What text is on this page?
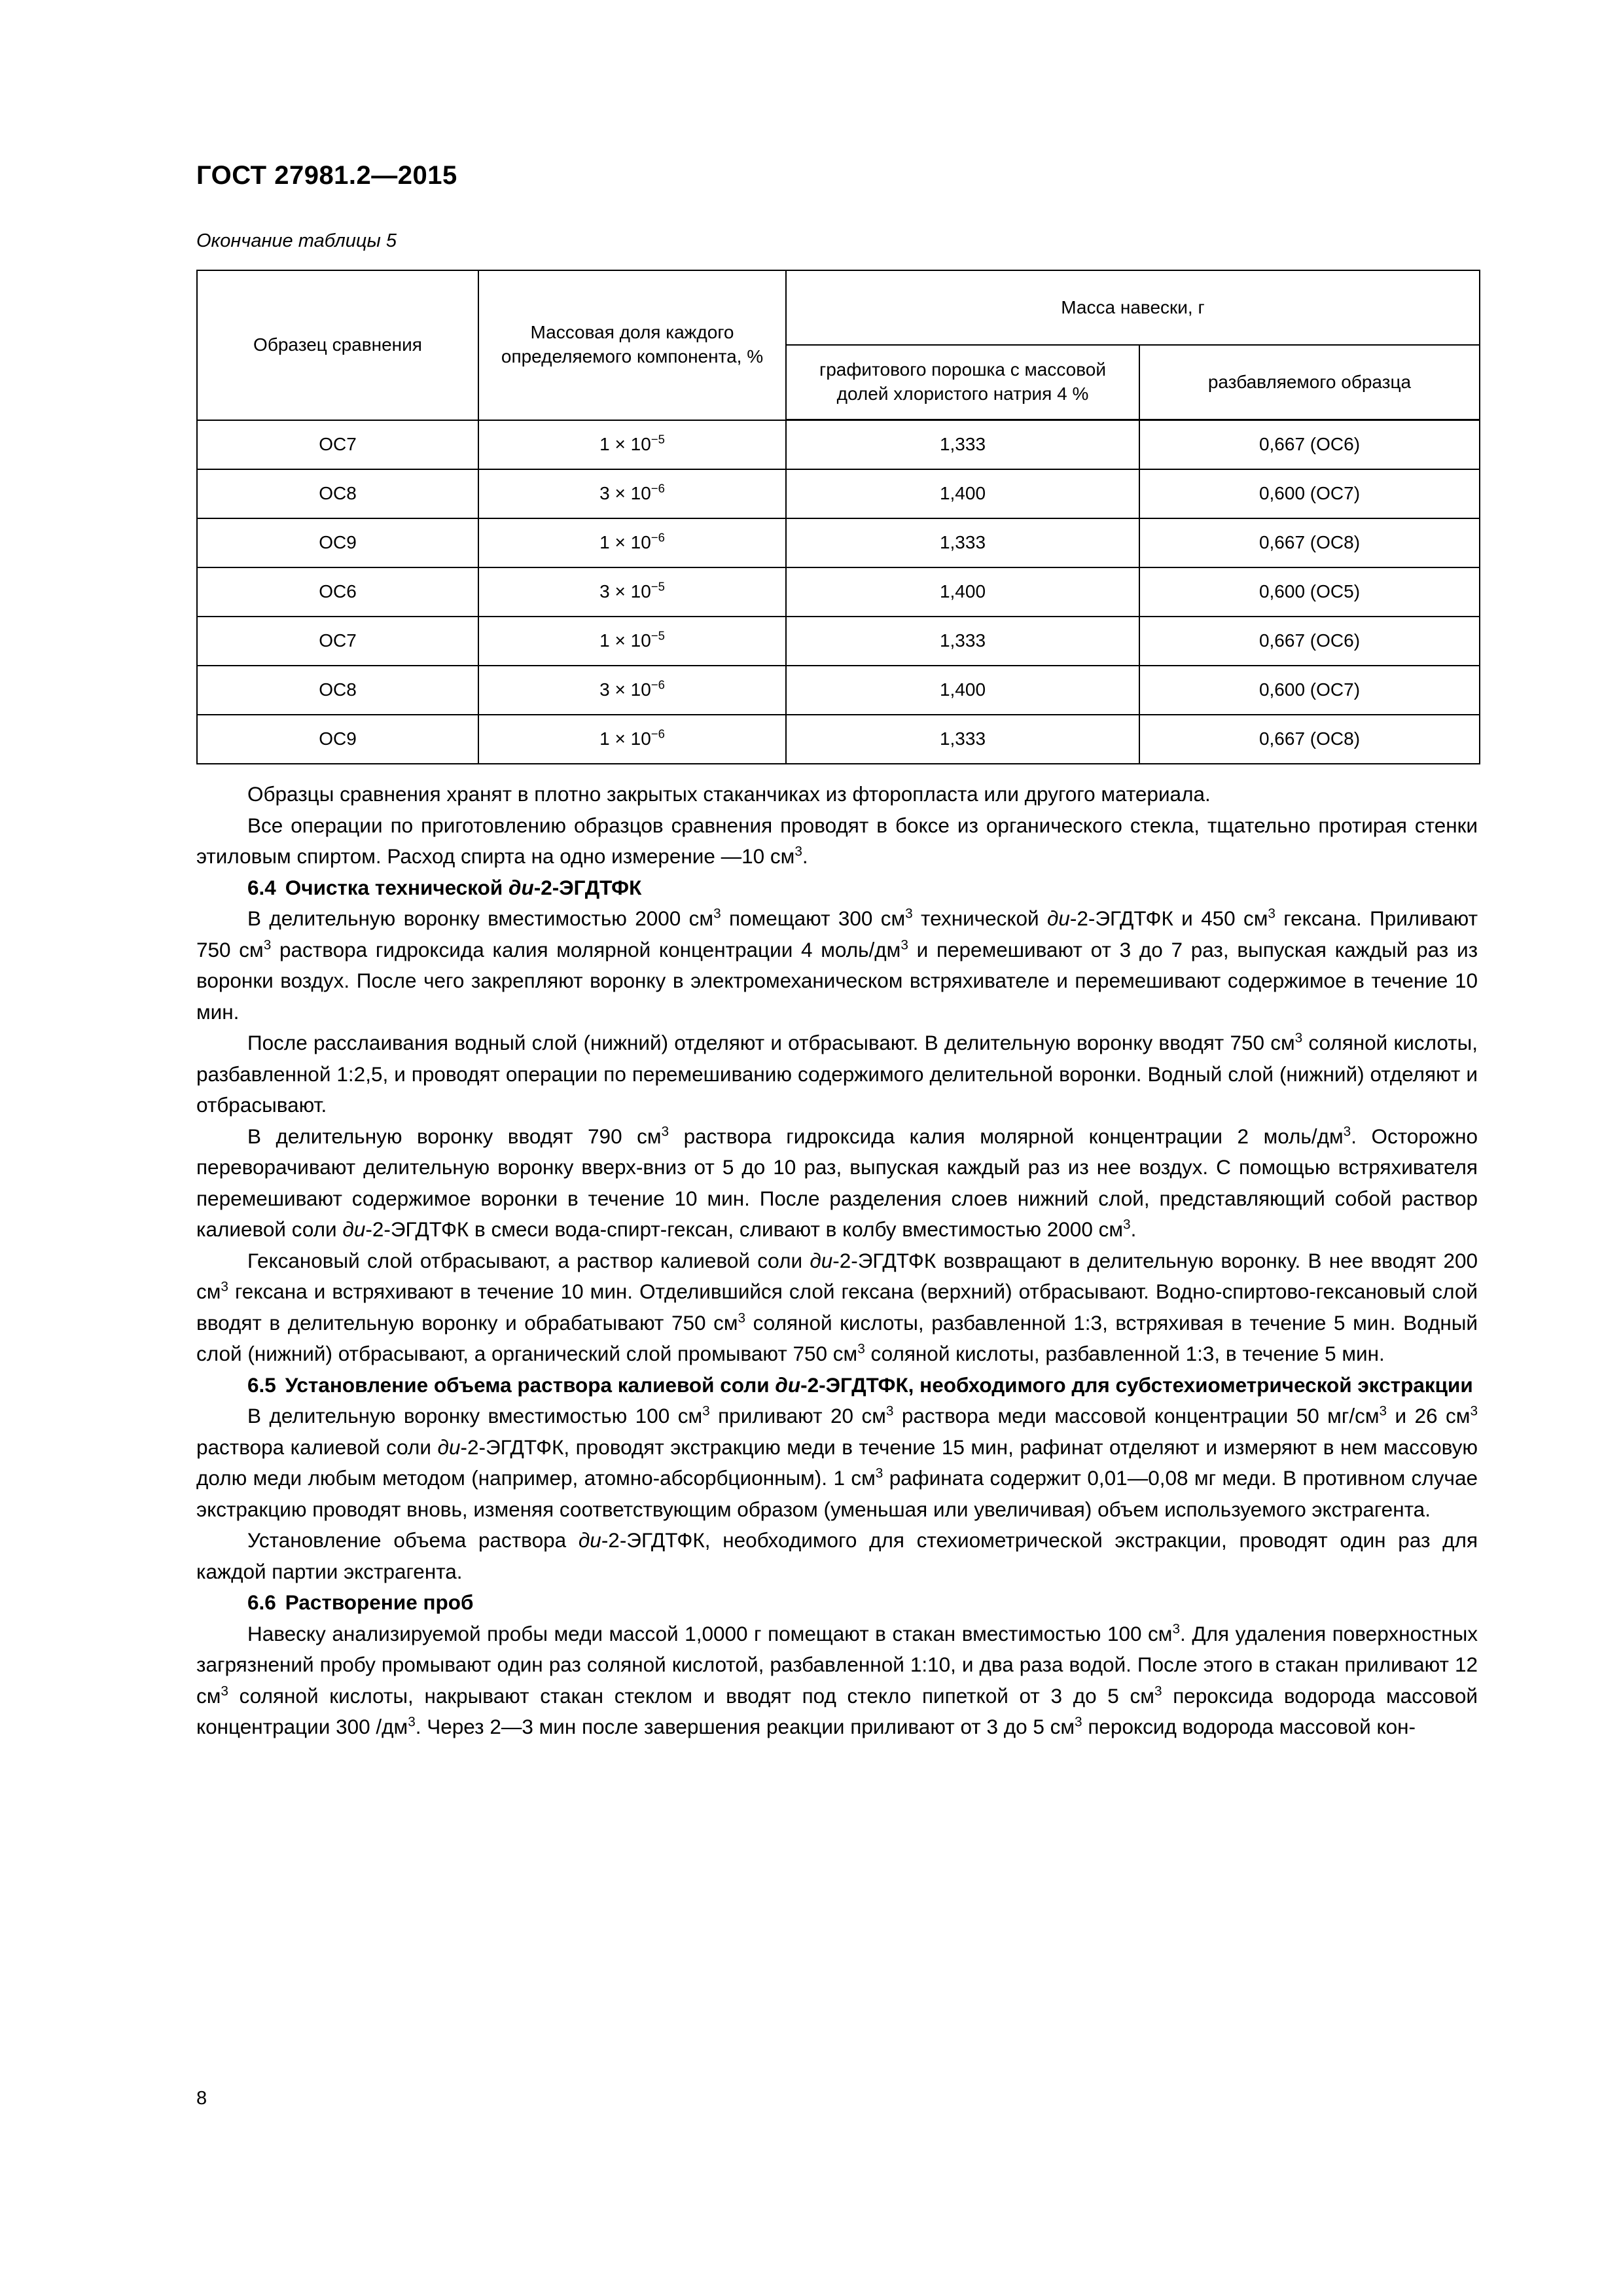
ГОСТ 27981.2—2015
Окончание таблицы 5
Образец сравнения	Массовая доля каждого определяемого компонента, %	Масса навески, г	
		графитового порошка с массовой долей хлористого натрия 4 %	разбавляемого образца
ОС7	$1 \times 10^{-5}$	1,333	0,667 (ОС6)
ОС8	$3 \times 10^{-6}$	1,400	0,600 (ОС7)
ОС9	$1 \times 10^{-6}$	1,333	0,667 (ОС8)
ОС6	$3 \times 10^{-5}$	1,400	0,600 (ОС5)
ОС7	$1 \times 10^{-5}$	1,333	0,667 (ОС6)
ОС8	$3 \times 10^{-6}$	1,400	0,600 (ОС7)
ОС9	$1 \times 10^{-6}$	1,333	0,667 (ОС8)

Образцы сравнения хранят в плотно закрытых стаканчиках из фторопласта или другого материала.

Все операции по приготовлению образцов сравнения проводят в боксе из органического стекла, тщательно протирая стенки этиловым спиртом. Расход спирта на одно измерение —10 $см^3$.

6.4 Очистка технической ди-2-ЭГДТФК

В делительную воронку вместимостью 2000 $см^3$ помещают 300 $см^3$ технической ди-2-ЭГДТФК и 450 $см^3$ гексана. Приливают 750 $см^3$ раствора гидроксида калия молярной концентрации 4 моль/$дм^3$ и перемешивают от 3 до 7 раз, выпуская каждый раз из воронки воздух. После чего закрепляют воронку в электромеханическом встряхивателе и перемешивают содержимое в течение 10 мин.

После расслаивания водный слой (нижний) отделяют и отбрасывают. В делительную воронку вводят 750 $см^3$ соляной кислоты, разбавленной 1:2,5, и проводят операции по перемешиванию содержимого делительной воронки. Водный слой (нижний) отделяют и отбрасывают.

В делительную воронку вводят 790 $см^3$ раствора гидроксида калия молярной концентрации 2 моль/$дм^3$. Осторожно переворачивают делительную воронку вверх-вниз от 5 до 10 раз, выпуская каждый раз из нее воздух. С помощью встряхивателя перемешивают содержимое воронки в течение 10 мин. После разделения слоев нижний слой, представляющий собой раствор калиевой соли ди-2-ЭГДТФК в смеси вода-спирт-гексан, сливают в колбу вместимостью 2000 $см^3$.

Гексановый слой отбрасывают, а раствор калиевой соли ди-2-ЭГДТФК возвращают в делительную воронку. В нее вводят 200 $см^3$ гексана и встряхивают в течение 10 мин. Отделившийся слой гексана (верхний) отбрасывают. Водно-спиртово-гексановый слой вводят в делительную воронку и обрабатывают 750 $см^3$ соляной кислоты, разбавленной 1:3, встряхивая в течение 5 мин. Водный слой (нижний) отбрасывают, а органический слой промывают 750 $см^3$ соляной кислоты, разбавленной 1:3, в течение 5 мин.

6.5 Установление объема раствора калиевой соли ди-2-ЭГДТФК, необходимого для субстехиометрической экстракции

В делительную воронку вместимостью 100 $см^3$ приливают 20 $см^3$ раствора меди массовой концентрации 50 $мг/см^3$ и 26 $см^3$ раствора калиевой соли ди-2-ЭГДТФК, проводят экстракцию меди в течение 15 мин, рафинат отделяют и измеряют в нем массовую долю меди любым методом (например, атомно-абсорбционным). 1 $см^3$ рафината содержит 0,01—0,08 мг меди. В противном случае экстракцию проводят вновь, изменяя соответствующим образом (уменьшая или увеличивая) объем используемого экстрагента.

Установление объема раствора ди-2-ЭГДТФК, необходимого для стехиометрической экстракции, проводят один раз для каждой партии экстрагента.

6.6 Растворение проб

Навеску анализируемой пробы меди массой 1,0000 г помещают в стакан вместимостью 100 $см^3$. Для удаления поверхностных загрязнений пробу промывают один раз соляной кислотой, разбавленной 1:10, и два раза водой. После этого в стакан приливают 12 $см^3$ соляной кислоты, накрывают стакан стеклом и вводят под стекло пипеткой от 3 до 5 $см^3$ пероксида водорода массовой концентрации 300 $/дм^3$. Через 2—3 мин после завершения реакции приливают от 3 до 5 $см^3$ пероксид водорода массовой кон-

8
